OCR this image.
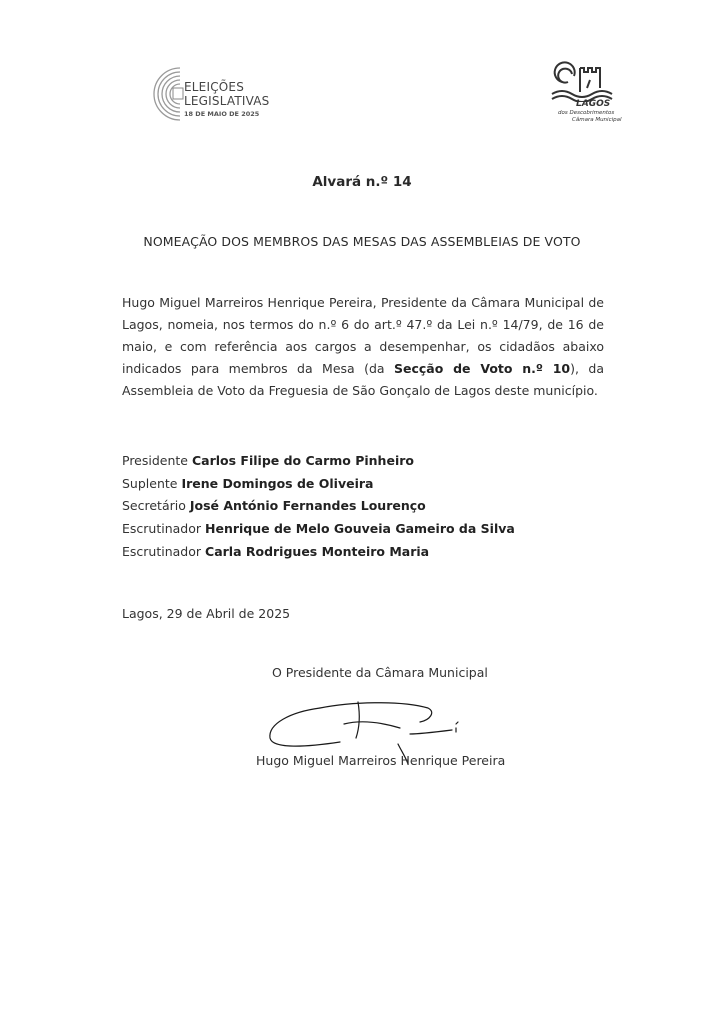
ELEIÇÕES
LEGISLATIVAS
18 DE MAIO DE 2025
LAGOS
dos Descobrimentos
Câmara Municipal
Alvará n.º 14
NOMEAÇÃO DOS MEMBROS DAS MESAS DAS ASSEMBLEIAS DE VOTO
Hugo Miguel Marreiros Henrique Pereira, Presidente da Câmara Municipal de Lagos, nomeia, nos termos do n.º 6 do art.º 47.º da Lei n.º 14/79, de 16 de maio, e com referência aos cargos a desempenhar, os cidadãos abaixo indicados para membros da Mesa (da Secção de Voto n.º 10), da Assembleia de Voto da Freguesia de São Gonçalo de Lagos deste município.
Presidente Carlos Filipe do Carmo Pinheiro
Suplente Irene Domingos de Oliveira
Secretário José António Fernandes Lourenço
Escrutinador Henrique de Melo Gouveia Gameiro da Silva
Escrutinador Carla Rodrigues Monteiro Maria
Lagos, 29 de Abril de 2025
O Presidente da Câmara Municipal
Hugo Miguel Marreiros Henrique Pereira
